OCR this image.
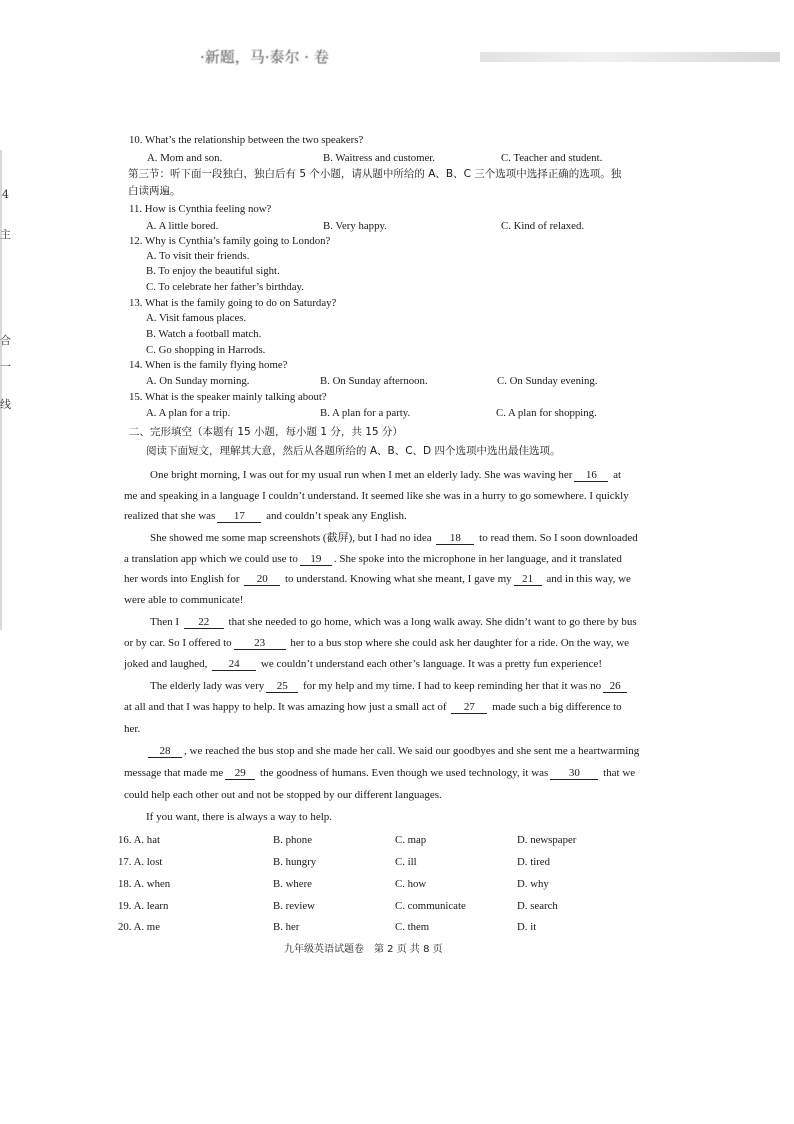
·新题，马·泰尔 · 卷
4
主
合
一
线
10. What’s the relationship between the two speakers?
A. Mom and son.	B. Waitress and customer.	C. Teacher and student.
第三节：听下面一段独白，独白后有 5 个小题，请从题中所给的 A、B、C 三个选项中选择正确的选项。独
白读两遍。
11. How is Cynthia feeling now?
A. A little bored.	B. Very happy.	C. Kind of relaxed.
12. Why is Cynthia’s family going to London?
A. To visit their friends.
B. To enjoy the beautiful sight.
C. To celebrate her father’s birthday.
13. What is the family going to do on Saturday?
A. Visit famous places.
B. Watch a football match.
C. Go shopping in Harrods.
14. When is the family flying home?
A. On Sunday morning.	B. On Sunday afternoon.	C. On Sunday evening.
15. What is the speaker mainly talking about?
A. A plan for a trip.	B. A plan for a party.	C. A plan for shopping.
二、完形填空（本题有 15 小题，每小题 1 分，共 15 分）
阅读下面短文，理解其大意，然后从各题所给的 A、B、C、D 四个选项中选出最佳选项。
One bright morning, I was out for my usual run when I met an elderly lady. She was waving her 16 at
me and speaking in a language I couldn’t understand. It seemed like she was in a hurry to go somewhere. I quickly
realized that she was 17 and couldn’t speak any English.
She showed me some map screenshots (截屏), but I had no idea 18 to read them. So I soon downloaded
a translation app which we could use to 19 . She spoke into the microphone in her language, and it translated
her words into English for 20 to understand. Knowing what she meant, I gave my 21 and in this way, we
were able to communicate!
Then I 22 that she needed to go home, which was a long walk away. She didn’t want to go there by bus
or by car. So I offered to 23 her to a bus stop where she could ask her daughter for a ride. On the way, we
joked and laughed, 24 we couldn’t understand each other’s language. It was a pretty fun experience!
The elderly lady was very 25 for my help and my time. I had to keep reminding her that it was no 26
at all and that I was happy to help. It was amazing how just a small act of 27 made such a big difference to
her.
28 , we reached the bus stop and she made her call. We said our goodbyes and she sent me a heartwarming
message that made me 29 the goodness of humans. Even though we used technology, it was 30 that we
could help each other out and not be stopped by our different languages.
If you want, there is always a way to help.
16. A. hat	B. phone	C. map	D. newspaper
17. A. lost	B. hungry	C. ill	D. tired
18. A. when	B. where	C. how	D. why
19. A. learn	B. review	C. communicate	D. search
20. A. me	B. her	C. them	D. it
九年级英语试题卷　第 2 页 共 8 页
